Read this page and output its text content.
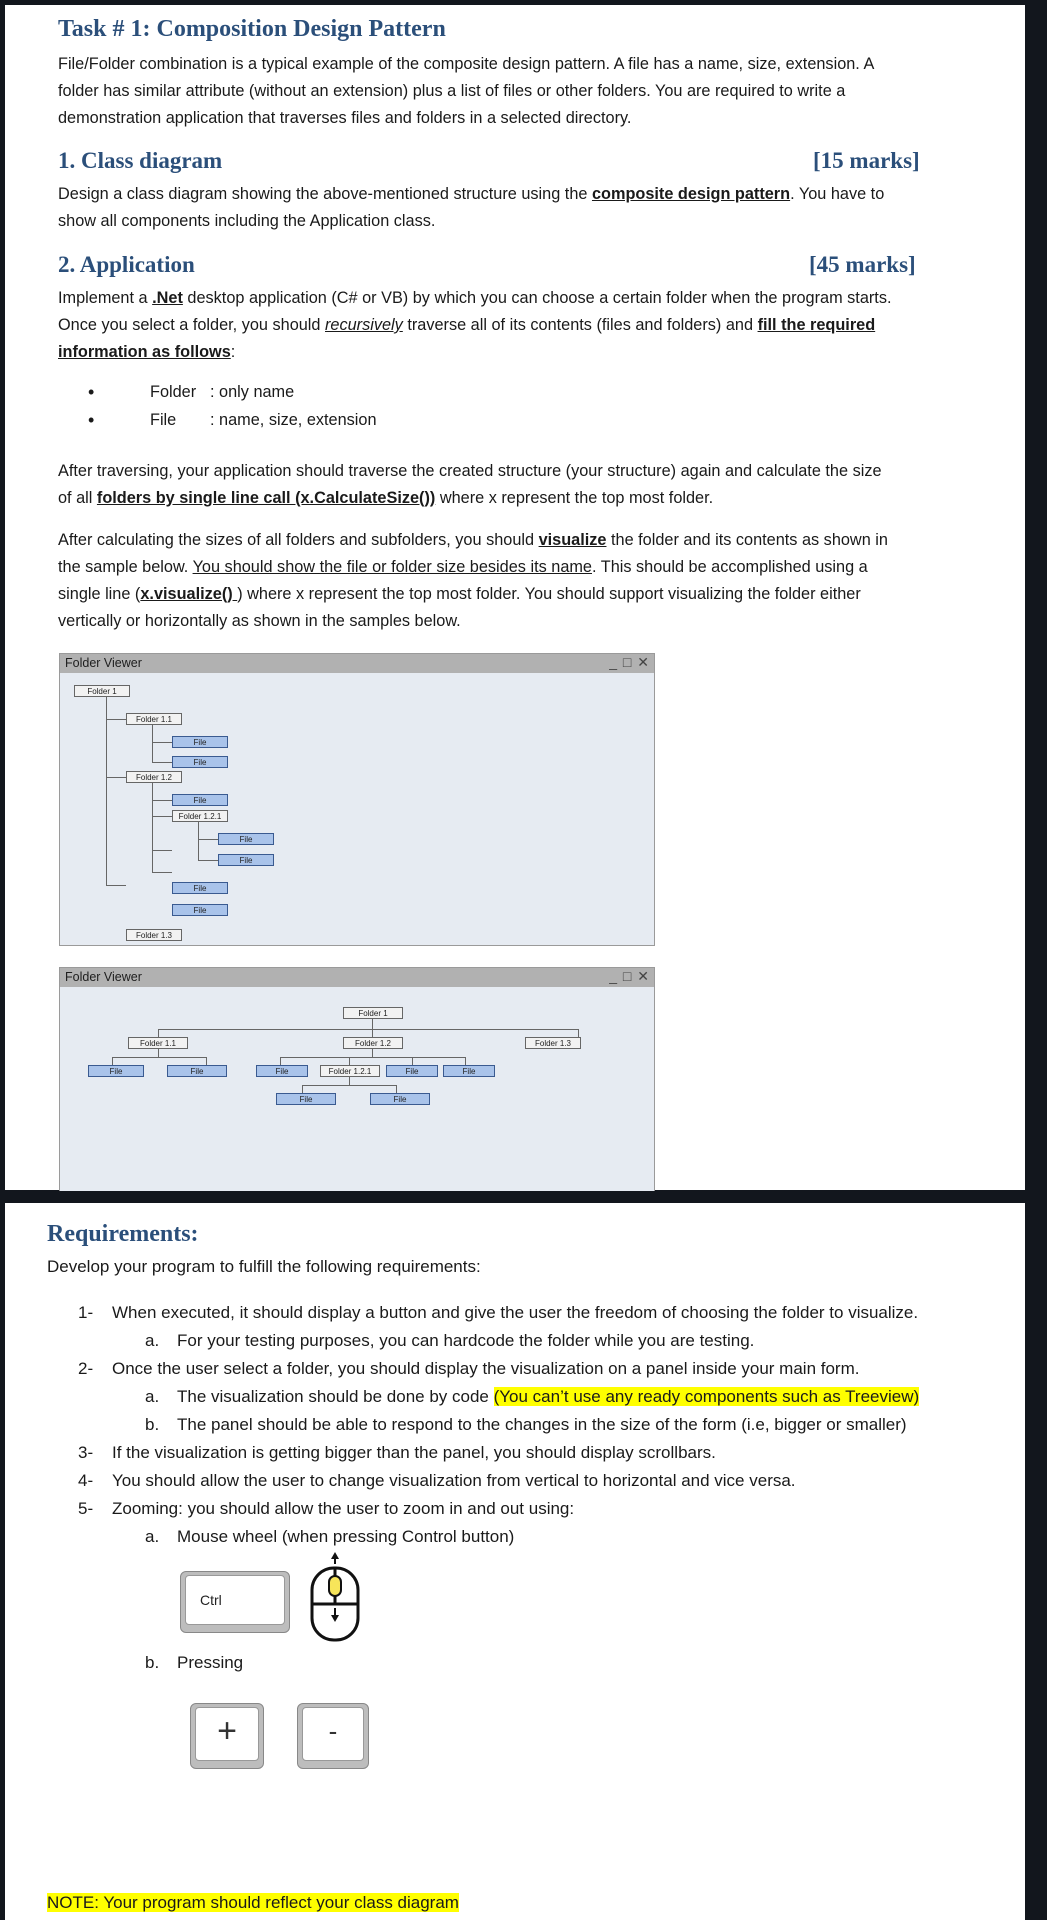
Task # 1: Composition Design Pattern
File/Folder combination is a typical example of the composite design pattern. A file has a name, size, extension. A
folder has similar attribute (without an extension) plus a list of files or other folders. You are required to write a
demonstration application that traverses files and folders in a selected directory.
1. Class diagram	[15 marks]
Design a class diagram showing the above-mentioned structure using the composite design pattern. You have to
show all components including the Application class.
2. Application	[45 marks]
Implement a .Net desktop application (C# or VB) by which you can choose a certain folder when the program starts.
Once you select a folder, you should recursively traverse all of its contents (files and folders) and fill the required
information as follows:
•	Folder : only name
•	File : name, size, extension
After traversing, your application should traverse the created structure (your structure) again and calculate the size
of all folders by single line call (x.CalculateSize()) where x represent the top most folder.
After calculating the sizes of all folders and subfolders, you should visualize the folder and its contents as shown in
the sample below. You should show the file or folder size besides its name. This should be accomplished using a
single line (x.visualize() ) where x represent the top most folder. You should support visualizing the folder either
vertically or horizontally as shown in the samples below.
Folder Viewer	_ □ ✕
Folder 1
Folder 1.1
File
File
Folder 1.2
File
Folder 1.2.1
File
File
File
File
Folder 1.3
Folder Viewer	_ □ ✕
Folder 1
Folder 1.1	Folder 1.2	Folder 1.3
File	File	File	Folder 1.2.1	File	File
File	File
Requirements:
Develop your program to fulfill the following requirements:
1- When executed, it should display a button and give the user the freedom of choosing the folder to visualize.
a. For your testing purposes, you can hardcode the folder while you are testing.
2- Once the user select a folder, you should display the visualization on a panel inside your main form.
a. The visualization should be done by code (You can’t use any ready components such as Treeview)
b. The panel should be able to respond to the changes in the size of the form (i.e, bigger or smaller)
3- If the visualization is getting bigger than the panel, you should display scrollbars.
4- You should allow the user to change visualization from vertical to horizontal and vice versa.
5- Zooming: you should allow the user to zoom in and out using:
a. Mouse wheel (when pressing Control button)
Ctrl
b. Pressing
+	-
NOTE: Your program should reflect your class diagram
